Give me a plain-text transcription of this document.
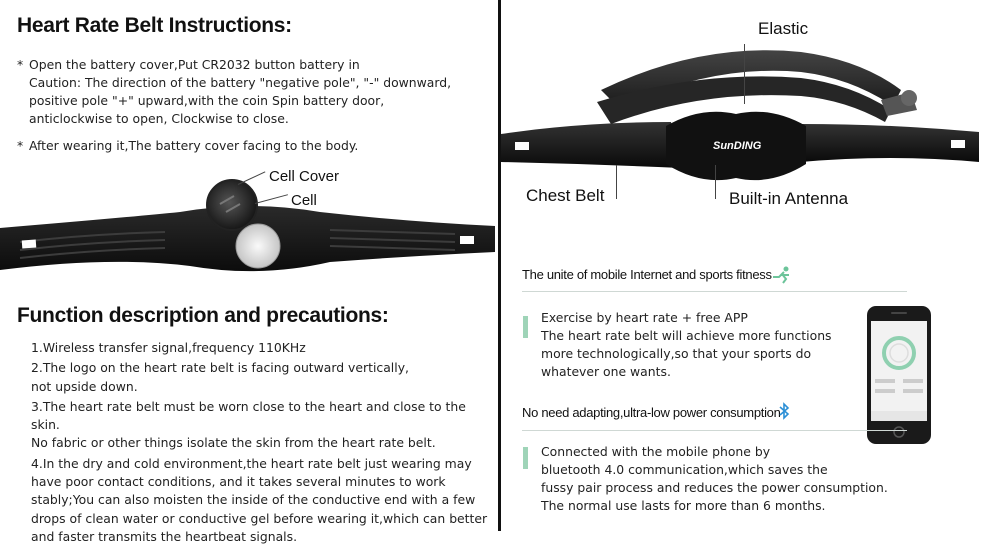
Heart Rate Belt Instructions:
* Open the battery cover,Put CR2032 button battery in
Caution: The direction of the battery "negative pole", "-" downward,
positive pole "+" upward,with the coin Spin battery door,
anticlockwise to open, Clockwise to close.
* After wearing it,The battery cover facing to the body.
Cell Cover
Cell
Function description and precautions:
1.Wireless transfer signal,frequency 110KHz
2.The logo on the heart rate belt is facing outward vertically,
not upside down.
3.The heart rate belt must be worn close to the heart and close to the skin.
No fabric or other things isolate the skin from the heart rate belt.
4.In the dry and cold environment,the heart rate belt just wearing may
have poor contact conditions, and it takes several minutes to work
stably;You can also moisten the inside of the conductive end with a few
drops of clean water or conductive gel before wearing it,which can better
and faster transmits the heartbeat signals.
SunDING
Elastic
Chest Belt	Built-in Antenna
The unite of mobile Internet and sports fitness
Exercise by heart rate + free APP
The heart rate belt will achieve more functions
more technologically,so that your sports do
whatever one wants.
No need adapting,ultra-low power consumption
Connected with the mobile phone by
bluetooth 4.0 communication,which saves the
fussy pair process and reduces the power consumption.
The normal use lasts for more than 6 months.
